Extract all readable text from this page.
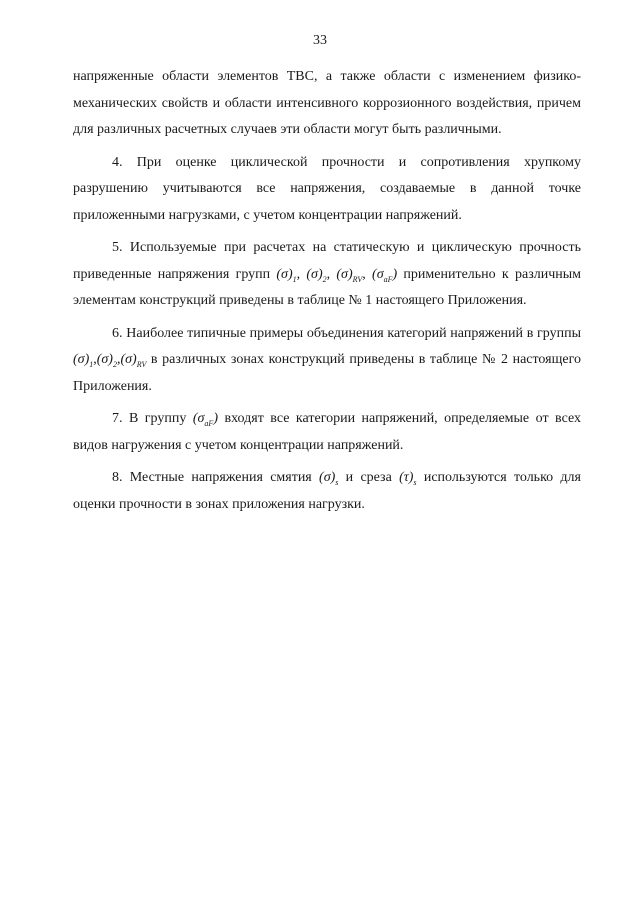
33

напряженные области элементов ТВС, а также области с изменением физико-механических свойств и области интенсивного коррозионного воздействия, причем для различных расчетных случаев эти области могут быть различными.

4. При оценке циклической прочности и сопротивления хрупкому разрушению учитываются все напряжения, создаваемые в данной точке приложенными нагрузками, с учетом концентрации напряжений.

5. Используемые при расчетах на статическую и циклическую прочность приведенные напряжения групп $(\sigma)_1$, $(\sigma)_2$, $(\sigma)_{RV}$, $(\sigma_{aF})$ применительно к различным элементам конструкций приведены в таблице № 1 настоящего Приложения.

6. Наиболее типичные примеры объединения категорий напряжений в группы $(\sigma)_1,(\sigma)_2,(\sigma)_{RV}$ в различных зонах конструкций приведены в таблице № 2 настоящего Приложения.

7. В группу $(\sigma_{aF})$ входят все категории напряжений, определяемые от всех видов нагружения с учетом концентрации напряжений.

8. Местные напряжения смятия $(\sigma)_s$ и среза $(\tau)_s$ используются только для оценки прочности в зонах приложения нагрузки.
